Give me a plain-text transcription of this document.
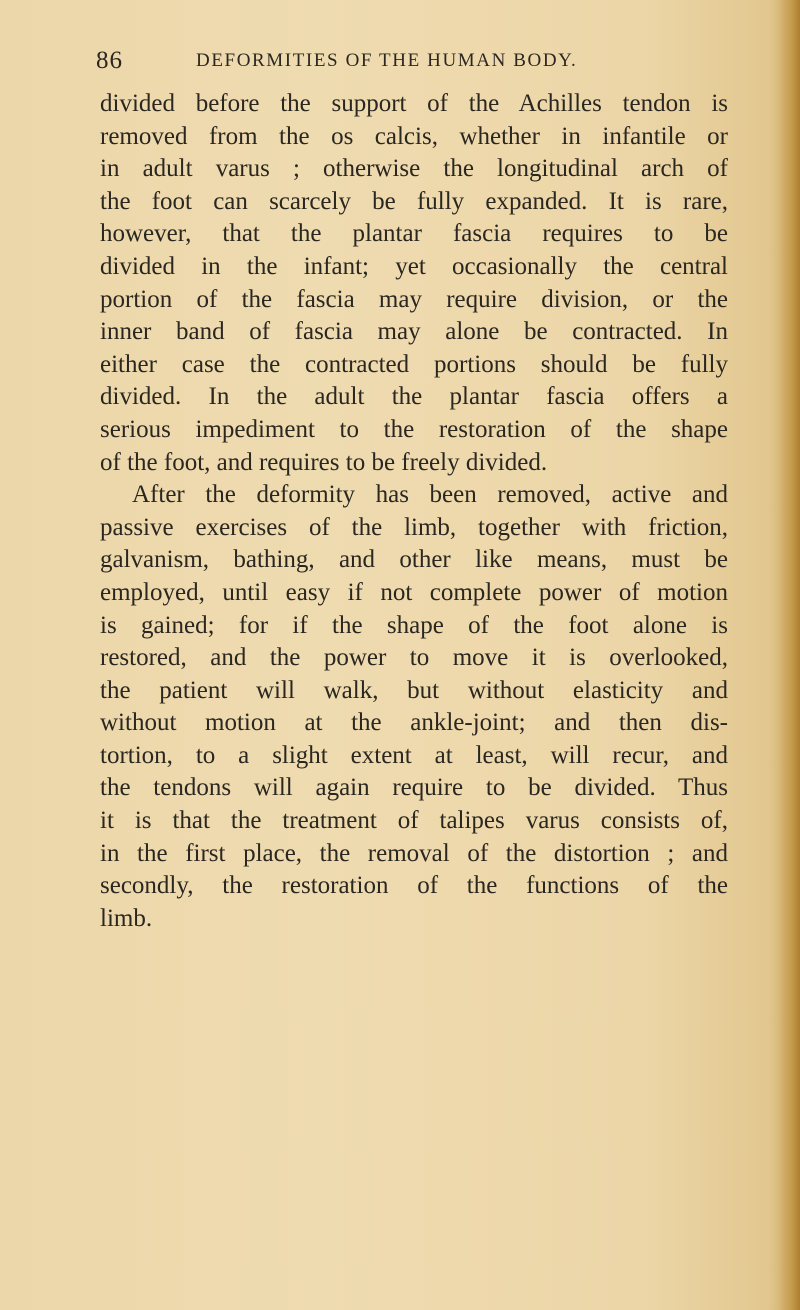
86	DEFORMITIES OF THE HUMAN BODY.
divided before the support of the Achilles tendon is
removed from the os calcis, whether in infantile or
in adult varus ; otherwise the longitudinal arch of
the foot can scarcely be fully expanded. It is rare,
however, that the plantar fascia requires to be
divided in the infant; yet occasionally the central
portion of the fascia may require division, or the
inner band of fascia may alone be contracted. In
either case the contracted portions should be fully
divided. In the adult the plantar fascia offers a
serious impediment to the restoration of the shape
of the foot, and requires to be freely divided.
After the deformity has been removed, active and
passive exercises of the limb, together with friction,
galvanism, bathing, and other like means, must be
employed, until easy if not complete power of motion
is gained; for if the shape of the foot alone is
restored, and the power to move it is overlooked,
the patient will walk, but without elasticity and
without motion at the ankle-joint; and then dis-
tortion, to a slight extent at least, will recur, and
the tendons will again require to be divided. Thus
it is that the treatment of talipes varus consists of,
in the first place, the removal of the distortion ; and
secondly, the restoration of the functions of the
limb.
